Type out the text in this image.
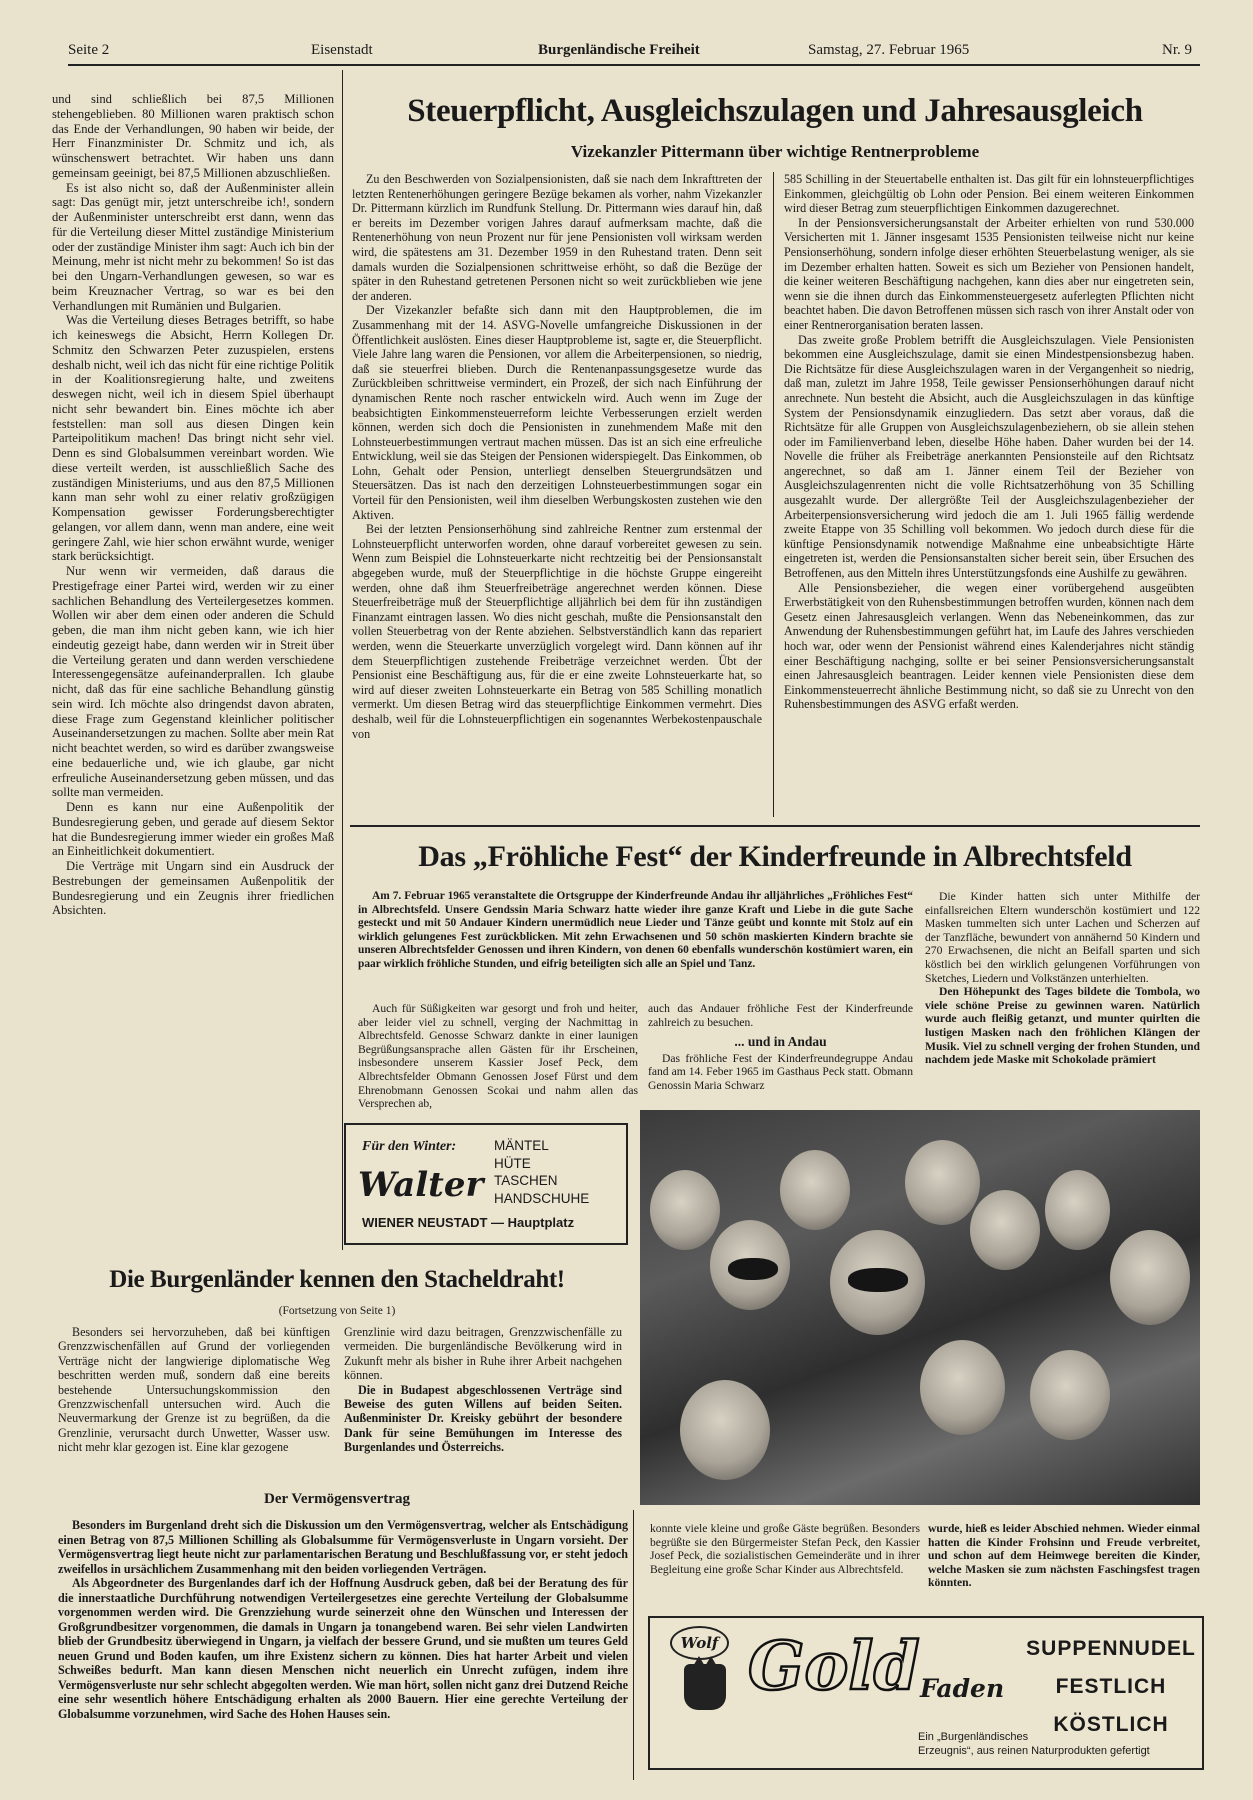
Seite 2	Eisenstadt	Burgenländische Freiheit	Samstag, 27. Februar 1965	Nr. 9

und sind schließlich bei 87,5 Millionen stehengeblieben. 80 Millionen waren praktisch schon das Ende der Verhandlungen, 90 haben wir beide, der Herr Finanzminister Dr. Schmitz und ich, als wünschenswert betrachtet. Wir haben uns dann gemeinsam geeinigt, bei 87,5 Millionen abzuschließen.

Es ist also nicht so, daß der Außenminister allein sagt: Das genügt mir, jetzt unterschreibe ich!, sondern der Außenminister unterschreibt erst dann, wenn das für die Verteilung dieser Mittel zuständige Ministerium oder der zuständige Minister ihm sagt: Auch ich bin der Meinung, mehr ist nicht mehr zu bekommen! So ist das bei den Ungarn-Verhandlungen gewesen, so war es beim Kreuznacher Vertrag, so war es bei den Verhandlungen mit Rumänien und Bulgarien.

Was die Verteilung dieses Betrages betrifft, so habe ich keineswegs die Absicht, Herrn Kollegen Dr. Schmitz den Schwarzen Peter zuzuspielen, erstens deshalb nicht, weil ich das nicht für eine richtige Politik in der Koalitionsregierung halte, und zweitens deswegen nicht, weil ich in diesem Spiel überhaupt nicht sehr bewandert bin. Eines möchte ich aber feststellen: man soll aus diesen Dingen kein Parteipolitikum machen! Das bringt nicht sehr viel. Denn es sind Globalsummen vereinbart worden. Wie diese verteilt werden, ist ausschließlich Sache des zuständigen Ministeriums, und aus den 87,5 Millionen kann man sehr wohl zu einer relativ großzügigen Kompensation gewisser Forderungsberechtigter gelangen, vor allem dann, wenn man andere, eine weit geringere Zahl, wie hier schon erwähnt wurde, weniger stark berücksichtigt.

Nur wenn wir vermeiden, daß daraus die Prestigefrage einer Partei wird, werden wir zu einer sachlichen Behandlung des Verteilergesetzes kommen. Wollen wir aber dem einen oder anderen die Schuld geben, die man ihm nicht geben kann, wie ich hier eindeutig gezeigt habe, dann werden wir in Streit über die Verteilung geraten und dann werden verschiedene Interessengegensätze aufeinanderprallen. Ich glaube nicht, daß das für eine sachliche Behandlung günstig sein wird. Ich möchte also dringendst davon abraten, diese Frage zum Gegenstand kleinlicher politischer Auseinandersetzungen zu machen. Sollte aber mein Rat nicht beachtet werden, so wird es darüber zwangsweise eine bedauerliche und, wie ich glaube, gar nicht erfreuliche Auseinandersetzung geben müssen, und das sollte man vermeiden.

Denn es kann nur eine Außenpolitik der Bundesregierung geben, und gerade auf diesem Sektor hat die Bundesregierung immer wieder ein großes Maß an Einheitlichkeit dokumentiert.

Die Verträge mit Ungarn sind ein Ausdruck der Bestrebungen der gemeinsamen Außenpolitik der Bundesregierung und ein Zeugnis ihrer friedlichen Absichten.

Steuerpflicht, Ausgleichszulagen und Jahresausgleich
Vizekanzler Pittermann über wichtige Rentnerprobleme

Zu den Beschwerden von Sozialpensionisten, daß sie nach dem Inkrafttreten der letzten Rentenerhöhungen geringere Bezüge bekamen als vorher, nahm Vizekanzler Dr. Pittermann kürzlich im Rundfunk Stellung. Dr. Pittermann wies darauf hin, daß er bereits im Dezember vorigen Jahres darauf aufmerksam machte, daß die Rentenerhöhung von neun Prozent nur für jene Pensionisten voll wirksam werden wird, die spätestens am 31. Dezember 1959 in den Ruhestand traten. Denn seit damals wurden die Sozialpensionen schrittweise erhöht, so daß die Bezüge der später in den Ruhestand getretenen Personen nicht so weit zurückblieben wie jene der anderen.

Der Vizekanzler befaßte sich dann mit den Hauptproblemen, die im Zusammenhang mit der 14. ASVG-Novelle umfangreiche Diskussionen in der Öffentlichkeit auslösten. Eines dieser Hauptprobleme ist, sagte er, die Steuerpflicht. Viele Jahre lang waren die Pensionen, vor allem die Arbeiterpensionen, so niedrig, daß sie steuerfrei blieben. Durch die Rentenanpassungsgesetze wurde das Zurückbleiben schrittweise vermindert, ein Prozeß, der sich nach Einführung der dynamischen Rente noch rascher entwickeln wird. Auch wenn im Zuge der beabsichtigten Einkommensteuerreform leichte Verbesserungen erzielt werden können, werden sich doch die Pensionisten in zunehmendem Maße mit den Lohnsteuerbestimmungen vertraut machen müssen. Das ist an sich eine erfreuliche Entwicklung, weil sie das Steigen der Pensionen widerspiegelt. Das Einkommen, ob Lohn, Gehalt oder Pension, unterliegt denselben Steuergrundsätzen und Steuersätzen. Das ist nach den derzeitigen Lohnsteuerbestimmungen sogar ein Vorteil für den Pensionisten, weil ihm dieselben Werbungskosten zustehen wie den Aktiven.

Bei der letzten Pensionserhöhung sind zahlreiche Rentner zum erstenmal der Lohnsteuerpflicht unterworfen worden, ohne darauf vorbereitet gewesen zu sein. Wenn zum Beispiel die Lohnsteuerkarte nicht rechtzeitig bei der Pensionsanstalt abgegeben wurde, muß der Steuerpflichtige in die höchste Gruppe eingereiht werden, ohne daß ihm Steuerfreibeträge angerechnet werden können. Diese Steuerfreibeträge muß der Steuerpflichtige alljährlich bei dem für ihn zuständigen Finanzamt eintragen lassen. Wo dies nicht geschah, mußte die Pensionsanstalt den vollen Steuerbetrag von der Rente abziehen. Selbstverständlich kann das repariert werden, wenn die Steuerkarte unverzüglich vorgelegt wird. Dann können auf ihr dem Steuerpflichtigen zustehende Freibeträge verzeichnet werden. Übt der Pensionist eine Beschäftigung aus, für die er eine zweite Lohnsteuerkarte hat, so wird auf dieser zweiten Lohnsteuerkarte ein Betrag von 585 Schilling monatlich vermerkt. Um diesen Betrag wird das steuerpflichtige Einkommen vermehrt. Dies deshalb, weil für die Lohnsteuerpflichtigen ein sogenanntes Werbekostenpauschale von

585 Schilling in der Steuertabelle enthalten ist. Das gilt für ein lohnsteuerpflichtiges Einkommen, gleichgültig ob Lohn oder Pension. Bei einem weiteren Einkommen wird dieser Betrag zum steuerpflichtigen Einkommen dazugerechnet.

In der Pensionsversicherungsanstalt der Arbeiter erhielten von rund 530.000 Versicherten mit 1. Jänner insgesamt 1535 Pensionisten teilweise nicht nur keine Pensionserhöhung, sondern infolge dieser erhöhten Steuerbelastung weniger, als sie im Dezember erhalten hatten. Soweit es sich um Bezieher von Pensionen handelt, die keiner weiteren Beschäftigung nachgehen, kann dies aber nur eingetreten sein, wenn sie die ihnen durch das Einkommensteuergesetz auferlegten Pflichten nicht beachtet haben. Die davon Betroffenen müssen sich rasch von ihrer Anstalt oder von einer Rentnerorganisation beraten lassen.

Das zweite große Problem betrifft die Ausgleichszulagen. Viele Pensionisten bekommen eine Ausgleichszulage, damit sie einen Mindestpensionsbezug haben. Die Richtsätze für diese Ausgleichszulagen waren in der Vergangenheit so niedrig, daß man, zuletzt im Jahre 1958, Teile gewisser Pensionserhöhungen darauf nicht anrechnete. Nun besteht die Absicht, auch die Ausgleichszulagen in das künftige System der Pensionsdynamik einzugliedern. Das setzt aber voraus, daß die Richtsätze für alle Gruppen von Ausgleichszulagenbeziehern, ob sie allein stehen oder im Familienverband leben, dieselbe Höhe haben. Daher wurden bei der 14. Novelle die früher als Freibeträge anerkannten Pensionsteile auf den Richtsatz angerechnet, so daß am 1. Jänner einem Teil der Bezieher von Ausgleichszulagenrenten nicht die volle Richtsatzerhöhung von 35 Schilling ausgezahlt wurde. Der allergrößte Teil der Ausgleichszulagenbezieher der Arbeiterpensionsversicherung wird jedoch die am 1. Juli 1965 fällig werdende zweite Etappe von 35 Schilling voll bekommen. Wo jedoch durch diese für die künftige Pensionsdynamik notwendige Maßnahme eine unbeabsichtigte Härte eingetreten ist, werden die Pensionsanstalten sicher bereit sein, über Ersuchen des Betroffenen, aus den Mitteln ihres Unterstützungsfonds eine Aushilfe zu gewähren.

Alle Pensionsbezieher, die wegen einer vorübergehend ausgeübten Erwerbstätigkeit von den Ruhensbestimmungen betroffen wurden, können nach dem Gesetz einen Jahresausgleich verlangen. Wenn das Nebeneinkommen, das zur Anwendung der Ruhensbestimmungen geführt hat, im Laufe des Jahres verschieden hoch war, oder wenn der Pensionist während eines Kalenderjahres nicht ständig einer Beschäftigung nachging, sollte er bei seiner Pensionsversicherungsanstalt einen Jahresausgleich beantragen. Leider kennen viele Pensionisten diese dem Einkommensteuerrecht ähnliche Bestimmung nicht, so daß sie zu Unrecht von den Ruhensbestimmungen des ASVG erfaßt werden.

Das „Fröhliche Fest“ der Kinderfreunde in Albrechtsfeld

Am 7. Februar 1965 veranstaltete die Ortsgruppe der Kinderfreunde Andau ihr alljährliches „Fröhliches Fest“ in Albrechtsfeld. Unsere Gendssin Maria Schwarz hatte wieder ihre ganze Kraft und Liebe in die gute Sache gesteckt und mit 50 Andauer Kindern unermüdlich neue Lieder und Tänze geübt und konnte mit Stolz auf ein wirklich gelungenes Fest zurückblicken. Mit zehn Erwachsenen und 50 schön maskierten Kindern brachte sie unseren Albrechtsfelder Genossen und ihren Kindern, von denen 60 ebenfalls wunderschön kostümiert waren, ein paar wirklich fröhliche Stunden, und eifrig beteiligten sich alle an Spiel und Tanz.

Die Kinder hatten sich unter Mithilfe der einfallsreichen Eltern wunderschön kostümiert und 122 Masken tummelten sich unter Lachen und Scherzen auf der Tanzfläche, bewundert von annähernd 50 Kindern und 270 Erwachsenen, die nicht an Beifall sparten und sich köstlich bei den wirklich gelungenen Vorführungen von Sketches, Liedern und Volkstänzen unterhielten.

Den Höhepunkt des Tages bildete die Tombola, wo viele schöne Preise zu gewinnen waren. Natürlich wurde auch fleißig getanzt, und munter quirlten die lustigen Masken nach den fröhlichen Klängen der Musik. Viel zu schnell verging der frohen Stunden, und nachdem jede Maske mit Schokolade prämiert

Auch für Süßigkeiten war gesorgt und froh und heiter, aber leider viel zu schnell, verging der Nachmittag in Albrechtsfeld. Genosse Schwarz dankte in einer launigen Begrüßungsansprache allen Gästen für ihr Erscheinen, insbesondere unserem Kassier Josef Peck, dem Albrechtsfelder Obmann Genossen Josef Fürst und dem Ehrenobmann Genossen Scokai und nahm allen das Versprechen ab,

auch das Andauer fröhliche Fest der Kinderfreunde zahlreich zu besuchen.

... und in Andau

Das fröhliche Fest der Kinderfreundegruppe Andau fand am 14. Feber 1965 im Gasthaus Peck statt. Obmann Genossin Maria Schwarz

Für den Winter:	MÄNTEL
HÜTE
TASCHEN
HANDSCHUHE
Walter
WIENER NEUSTADT — Hauptplatz
Die Burgenländer kennen den Stacheldraht!
(Fortsetzung von Seite 1)

Besonders sei hervorzuheben, daß bei künftigen Grenzzwischenfällen auf Grund der vorliegenden Verträge nicht der langwierige diplomatische Weg beschritten werden muß, sondern daß eine bereits bestehende Untersuchungskommission den Grenzzwischenfall untersuchen wird. Auch die Neuvermarkung der Grenze ist zu begrüßen, da die Grenzlinie, verursacht durch Unwetter, Wasser usw. nicht mehr klar gezogen ist. Eine klar gezogene

Grenzlinie wird dazu beitragen, Grenzzwischenfälle zu vermeiden. Die burgenländische Bevölkerung wird in Zukunft mehr als bisher in Ruhe ihrer Arbeit nachgehen können.

Die in Budapest abgeschlossenen Verträge sind Beweise des guten Willens auf beiden Seiten. Außenminister Dr. Kreisky gebührt der besondere Dank für seine Bemühungen im Interesse des Burgenlandes und Österreichs.

Der Vermögensvertrag

Besonders im Burgenland dreht sich die Diskussion um den Vermögensvertrag, welcher als Entschädigung einen Betrag von 87,5 Millionen Schilling als Globalsumme für Vermögensverluste in Ungarn vorsieht. Der Vermögensvertrag liegt heute nicht zur parlamentarischen Beratung und Beschlußfassung vor, er steht jedoch zweifellos in ursächlichem Zusammenhang mit den beiden vorliegenden Verträgen.

Als Abgeordneter des Burgenlandes darf ich der Hoffnung Ausdruck geben, daß bei der Beratung des für die innerstaatliche Durchführung notwendigen Verteilergesetzes eine gerechte Verteilung der Globalsumme vorgenommen werden wird. Die Grenzziehung wurde seinerzeit ohne den Wünschen und Interessen der Großgrundbesitzer vorgenommen, die damals in Ungarn ja tonangebend waren. Bei sehr vielen Landwirten blieb der Grundbesitz überwiegend in Ungarn, ja vielfach der bessere Grund, und sie mußten um teures Geld neuen Grund und Boden kaufen, um ihre Existenz sichern zu können. Dies hat harter Arbeit und vielen Schweißes bedurft. Man kann diesen Menschen nicht neuerlich ein Unrecht zufügen, indem ihre Vermögensverluste nur sehr schlecht abgegolten werden. Wie man hört, sollen nicht ganz drei Dutzend Reiche eine sehr wesentlich höhere Entschädigung erhalten als 2000 Bauern. Hier eine gerechte Verteilung der Globalsumme vorzunehmen, wird Sache des Hohen Hauses sein.

konnte viele kleine und große Gäste begrüßen. Besonders begrüßte sie den Bürgermeister Stefan Peck, den Kassier Josef Peck, die sozialistischen Gemeinderäte und in ihrer Begleitung eine große Schar Kinder aus Albrechtsfeld.

wurde, hieß es leider Abschied nehmen. Wieder einmal hatten die Kinder Frohsinn und Freude verbreitet, und schon auf dem Heimwege bereiten die Kinder, welche Masken sie zum nächsten Faschingsfest tragen könnten.

Wolf Gold Faden
SUPPENNUDEL
FESTLICH
KÖSTLICH
Ein „Burgenländisches
Erzeugnis“, aus reinen Naturprodukten gefertigt
